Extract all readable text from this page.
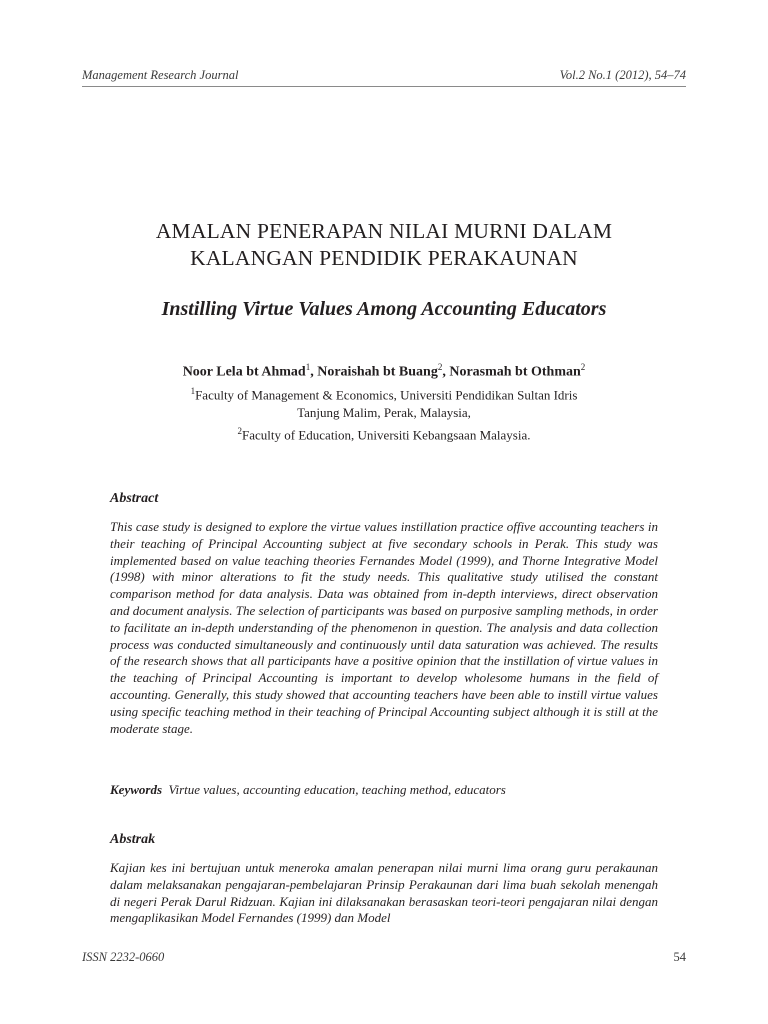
Management Research Journal	Vol.2 No.1 (2012), 54–74
AMALAN PENERAPAN NILAI MURNI DALAM
KALANGAN PENDIDIK PERAKAUNAN
Instilling Virtue Values Among Accounting Educators
Noor Lela bt Ahmad$^1$, Noraishah bt Buang$^2$, Norasmah bt Othman$^2$
$^1$Faculty of Management & Economics, Universiti Pendidikan Sultan Idris
Tanjung Malim, Perak, Malaysia,
$^2$Faculty of Education, Universiti Kebangsaan Malaysia.
Abstract
This case study is designed to explore the virtue values instillation practice offive accounting teachers in their teaching of Principal Accounting subject at five secondary schools in Perak. This study was implemented based on value teaching theories Fernandes Model (1999), and Thorne Integrative Model (1998) with minor alterations to fit the study needs. This qualitative study utilised the constant comparison method for data analysis. Data was obtained from in-depth interviews, direct observation and document analysis. The selection of participants was based on purposive sampling methods, in order to facilitate an in-depth understanding of the phenomenon in question. The analysis and data collection process was conducted simultaneously and continuously until data saturation was achieved. The results of the research shows that all participants have a positive opinion that the instillation of virtue values in the teaching of Principal Accounting is important to develop wholesome humans in the field of accounting. Generally, this study showed that accounting teachers have been able to instill virtue values using specific teaching method in their teaching of Principal Accounting subject although it is still at the moderate stage.
Keywords Virtue values, accounting education, teaching method, educators
Abstrak
Kajian kes ini bertujuan untuk meneroka amalan penerapan nilai murni lima orang guru perakaunan dalam melaksanakan pengajaran-pembelajaran Prinsip Perakaunan dari lima buah sekolah menengah di negeri Perak Darul Ridzuan. Kajian ini dilaksanakan berasaskan teori-teori pengajaran nilai dengan mengaplikasikan Model Fernandes (1999) dan Model
ISSN 2232-0660	54
